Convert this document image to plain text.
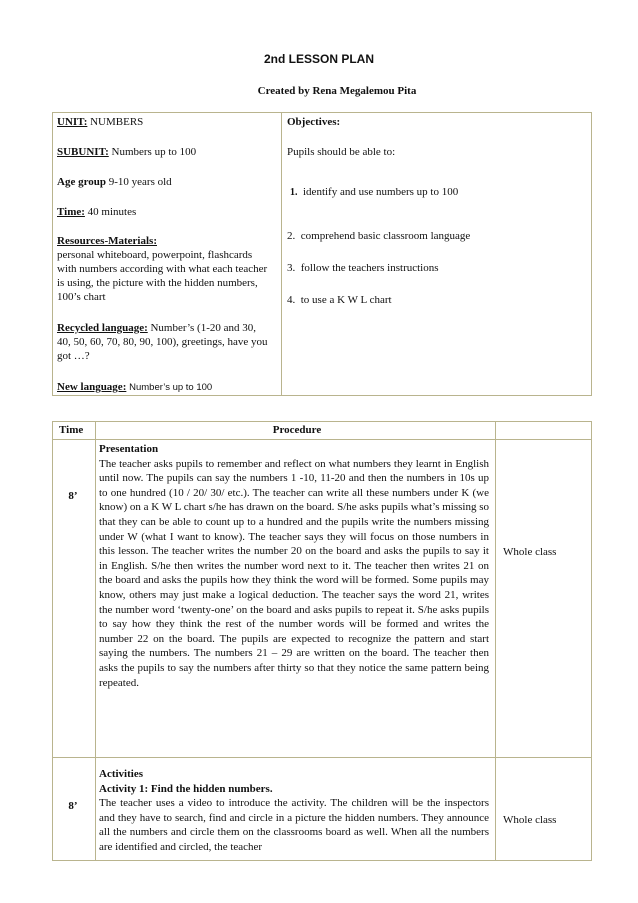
2nd LESSON PLAN
Created by Rena Megalemou Pita
UNIT: NUMBERS
SUBUNIT: Numbers up to 100
Age group 9-10 years old
Time: 40 minutes
Resources-Materials:
personal whiteboard, powerpoint, flashcards with numbers according with what each teacher is using, the picture with the hidden numbers, 100’s chart
Recycled language: Number’s (1-20 and 30, 40, 50, 60, 70, 80, 90, 100), greetings, have you got …?
New language: Number’s up to 100
Objectives:
Pupils should be able to:
1. identify and use numbers up to 100
2. comprehend basic classroom language
3. follow the teachers instructions
4. to use a K W L chart
Time	Procedure
8’
Presentation
The teacher asks pupils to remember and reflect on what numbers they learnt in English until now. The pupils can say the numbers 1 -10, 11-20 and then the numbers in 10s up to one hundred (10 / 20/ 30/ etc.). The teacher can write all these numbers under K (we know) on a K W L chart s/he has drawn on the board. S/he asks pupils what’s missing so that they can be able to count up to a hundred and the pupils write the numbers missing under W (what I want to know). The teacher says they will focus on those numbers in this lesson. The teacher writes the number 20 on the board and asks the pupils to say it in English. S/he then writes the number word next to it. The teacher then writes 21 on the board and asks the pupils how they think the word will be formed. Some pupils may know, others may just make a logical deduction. The teacher says the word 21, writes the number word ‘twenty-one’ on the board and asks pupils to repeat it. S/he asks pupils to say how they think the rest of the number words will be formed and writes the number 22 on the board. The pupils are expected to recognize the pattern and start saying the numbers. The numbers 21 – 29 are written on the board. The teacher then asks the pupils to say the numbers after thirty so that they notice the same pattern being repeated.
Whole class
8’
Activities
Activity 1: Find the hidden numbers.
The teacher uses a video to introduce the activity. The children will be the inspectors and they have to search, find and circle in a picture the hidden numbers. They announce all the numbers and circle them on the classrooms board as well. When all the numbers are identified and circled, the teacher
Whole class
